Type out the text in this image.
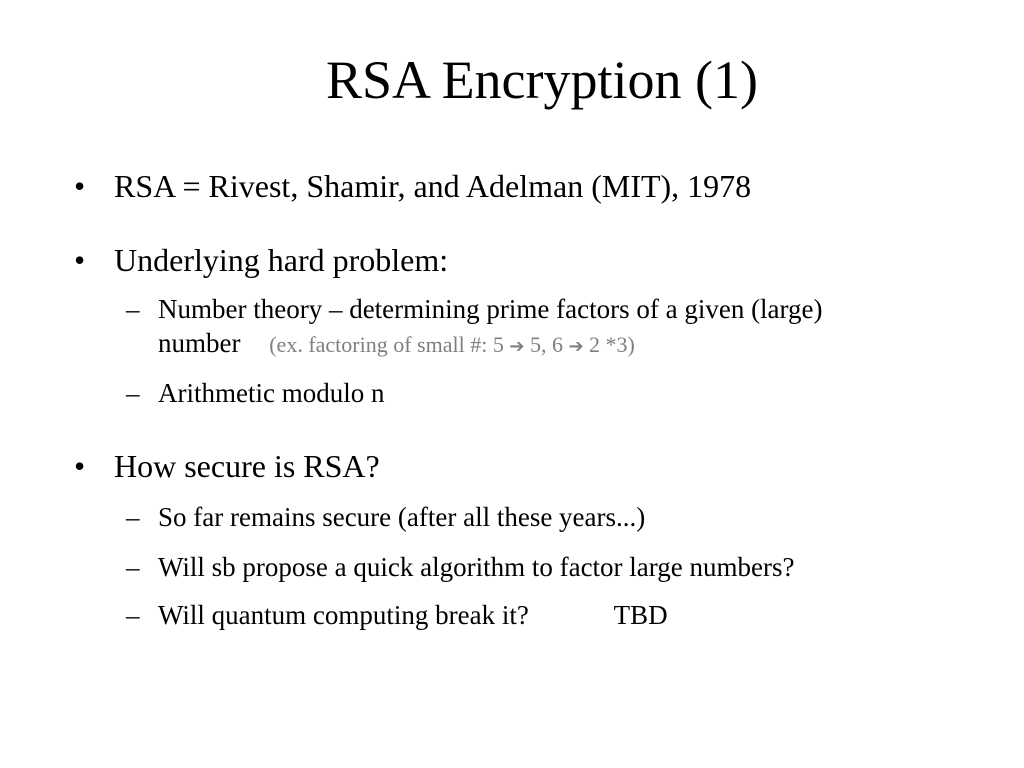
RSA Encryption (1)
• RSA = Rivest, Shamir, and Adelman (MIT), 1978
• Underlying hard problem:
– Number theory – determining prime factors of a given (large)
number (ex. factoring of small #: 5 ➔ 5, 6 ➔ 2 *3)
– Arithmetic modulo n
• How secure is RSA?
– So far remains secure (after all these years...)
– Will sb propose a quick algorithm to factor large numbers?
– Will quantum computing break it?	TBD
